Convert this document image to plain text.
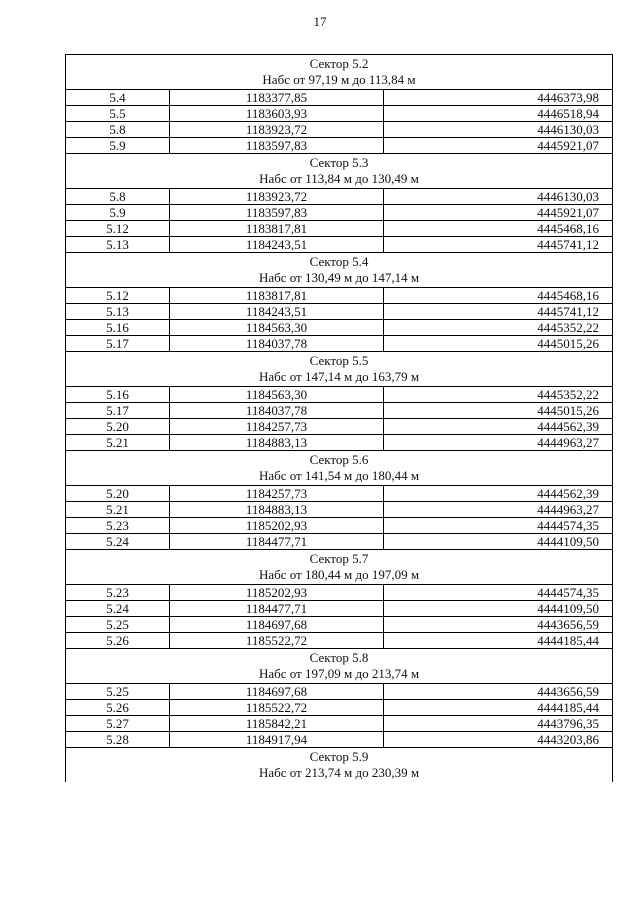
17
Сектор 5.2
Набс от 97,19 м до 113,84 м		

5.4	1183377,85	4446373,98
5.5	1183603,93	4446518,94
5.8	1183923,72	4446130,03
5.9	1183597,83	4445921,07

Сектор 5.3
Набс от 113,84 м до 130,49 м		

5.8	1183923,72	4446130,03
5.9	1183597,83	4445921,07
5.12	1183817,81	4445468,16
5.13	1184243,51	4445741,12

Сектор 5.4
Набс от 130,49 м до 147,14 м		

5.12	1183817,81	4445468,16
5.13	1184243,51	4445741,12
5.16	1184563,30	4445352,22
5.17	1184037,78	4445015,26

Сектор 5.5
Набс от 147,14 м до 163,79 м		

5.16	1184563,30	4445352,22
5.17	1184037,78	4445015,26
5.20	1184257,73	4444562,39
5.21	1184883,13	4444963,27

Сектор 5.6
Набс от 141,54 м до 180,44 м		

5.20	1184257,73	4444562,39
5.21	1184883,13	4444963,27
5.23	1185202,93	4444574,35
5.24	1184477,71	4444109,50

Сектор 5.7
Набс от 180,44 м до 197,09 м		

5.23	1185202,93	4444574,35
5.24	1184477,71	4444109,50
5.25	1184697,68	4443656,59
5.26	1185522,72	4444185,44

Сектор 5.8
Набс от 197,09 м до 213,74 м		

5.25	1184697,68	4443656,59
5.26	1185522,72	4444185,44
5.27	1185842,21	4443796,35
5.28	1184917,94	4443203,86

Сектор 5.9
Набс от 213,74 м до 230,39 м		
